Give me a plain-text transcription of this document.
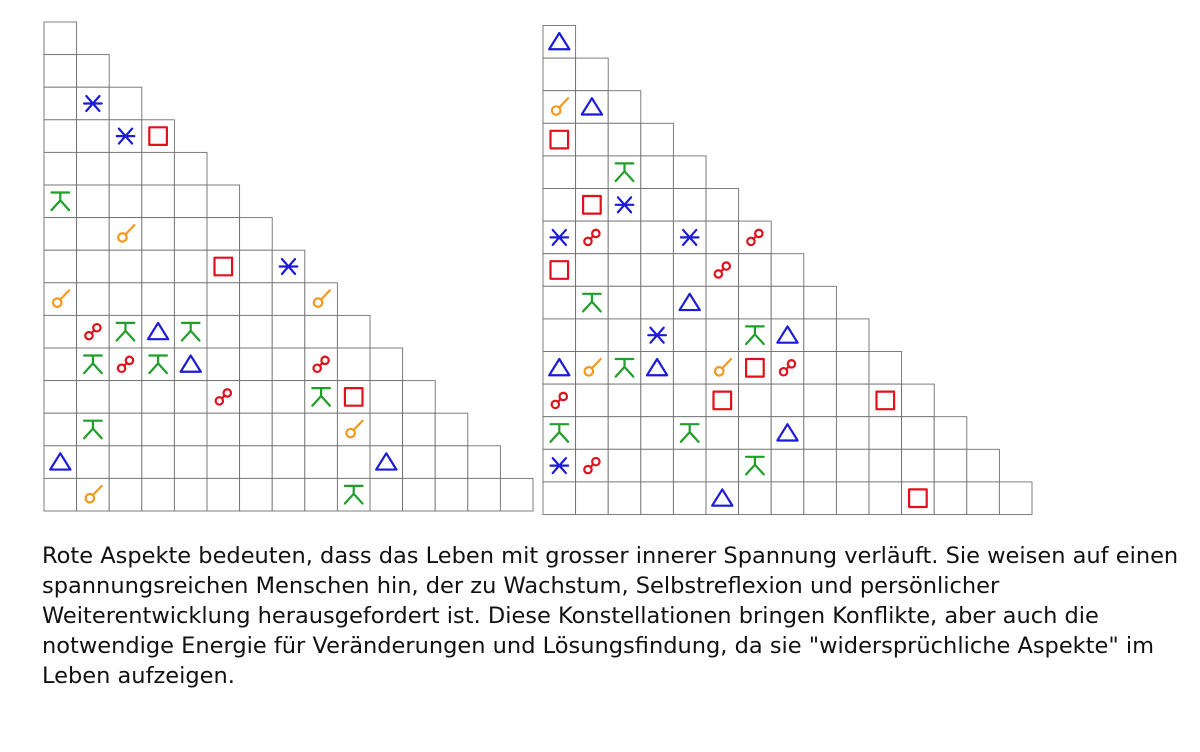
Rote Aspekte bedeuten, dass das Leben mit grosser innerer Spannung verläuft. Sie weisen auf einen spannungsreichen Menschen hin, der zu Wachstum, Selbstreflexion und persönlicher Weiterentwicklung herausgefordert ist. Diese Konstellationen bringen Konflikte, aber auch die notwendige Energie für Veränderungen und Lösungsfindung, da sie "widersprüchliche Aspekte" im Leben aufzeigen.
